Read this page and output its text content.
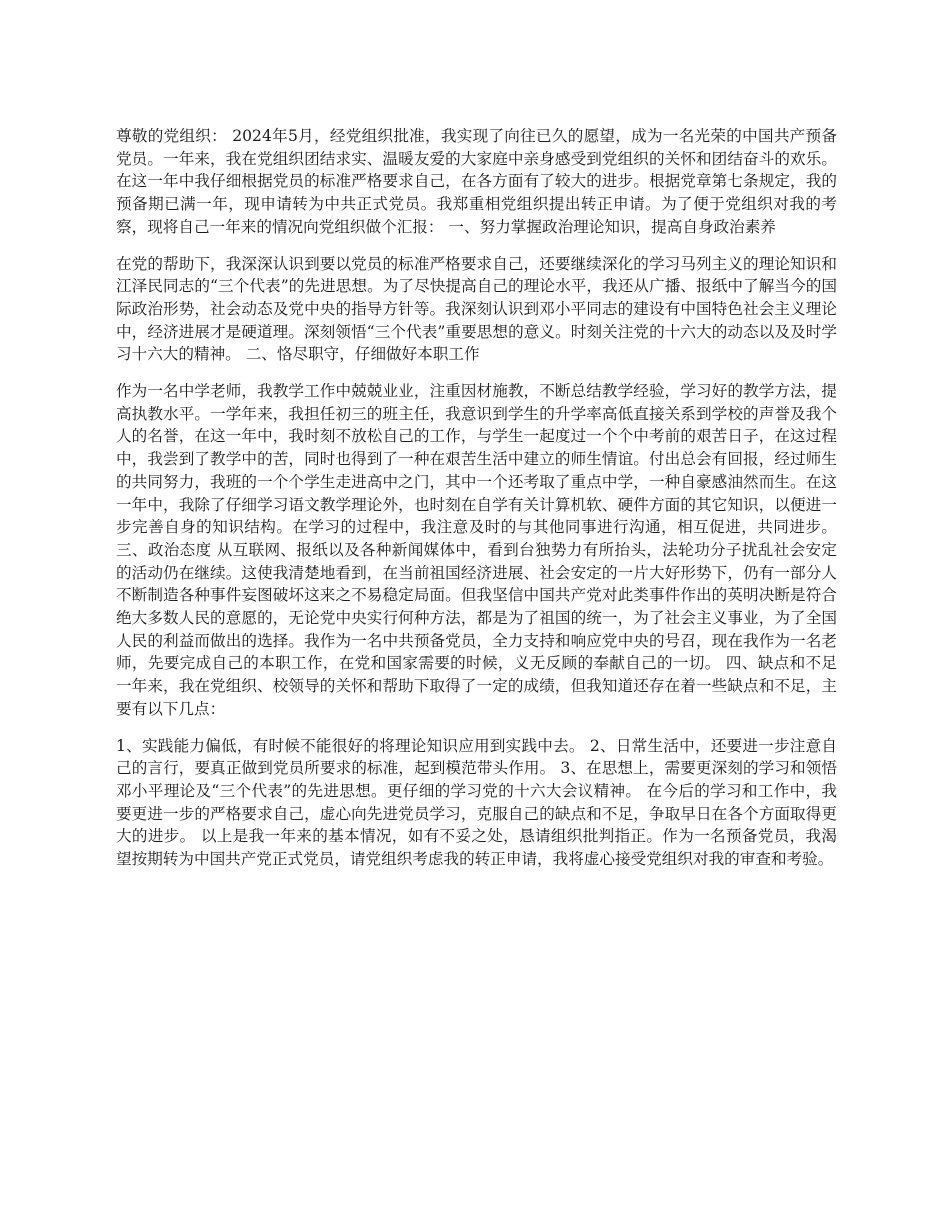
尊敬的党组织： 2024年5月，经党组织批准，我实现了向往已久的愿望，成为一名光荣的中国共产预备党员。一年来，我在党组织团结求实、温暖友爱的大家庭中亲身感受到党组织的关怀和团结奋斗的欢乐。在这一年中我仔细根据党员的标准严格要求自己，在各方面有了较大的进步。根据党章第七条规定，我的预备期已满一年，现申请转为中共正式党员。我郑重相党组织提出转正申请。为了便于党组织对我的考察，现将自己一年来的情况向党组织做个汇报： 一、努力掌握政治理论知识，提高自身政治素养

在党的帮助下，我深深认识到要以党员的标准严格要求自己，还要继续深化的学习马列主义的理论知识和江泽民同志的“三个代表”的先进思想。为了尽快提高自己的理论水平，我还从广播、报纸中了解当今的国际政治形势，社会动态及党中央的指导方针等。我深刻认识到邓小平同志的建设有中国特色社会主义理论中，经济进展才是硬道理。深刻领悟“三个代表”重要思想的意义。时刻关注党的十六大的动态以及及时学习十六大的精神。 二、恪尽职守，仔细做好本职工作

作为一名中学老师，我教学工作中兢兢业业，注重因材施教，不断总结教学经验，学习好的教学方法，提高执教水平。一学年来，我担任初三的班主任，我意识到学生的升学率高低直接关系到学校的声誉及我个人的名誉，在这一年中，我时刻不放松自己的工作，与学生一起度过一个个中考前的艰苦日子，在这过程中，我尝到了教学中的苦，同时也得到了一种在艰苦生活中建立的师生情谊。付出总会有回报，经过师生的共同努力，我班的一个个学生走进高中之门，其中一个还考取了重点中学，一种自豪感油然而生。在这一年中，我除了仔细学习语文教学理论外，也时刻在自学有关计算机软、硬件方面的其它知识，以便进一步完善自身的知识结构。在学习的过程中，我注意及时的与其他同事进行沟通，相互促进，共同进步。 三、政治态度 从互联网、报纸以及各种新闻媒体中，看到台独势力有所抬头，法轮功分子扰乱社会安定的活动仍在继续。这使我清楚地看到，在当前祖国经济进展、社会安定的一片大好形势下，仍有一部分人不断制造各种事件妄图破坏这来之不易稳定局面。但我坚信中国共产党对此类事件作出的英明决断是符合绝大多数人民的意愿的，无论党中央实行何种方法，都是为了祖国的统一，为了社会主义事业，为了全国人民的利益而做出的选择。我作为一名中共预备党员，全力支持和响应党中央的号召，现在我作为一名老师，先要完成自己的本职工作，在党和国家需要的时候，义无反顾的奉献自己的一切。 四、缺点和不足 一年来，我在党组织、校领导的关怀和帮助下取得了一定的成绩，但我知道还存在着一些缺点和不足，主要有以下几点：

1、实践能力偏低，有时候不能很好的将理论知识应用到实践中去。 2、日常生活中，还要进一步注意自己的言行，要真正做到党员所要求的标准，起到模范带头作用。 3、在思想上，需要更深刻的学习和领悟邓小平理论及“三个代表”的先进思想。更仔细的学习党的十六大会议精神。 在今后的学习和工作中，我要更进一步的严格要求自己，虚心向先进党员学习，克服自己的缺点和不足，争取早日在各个方面取得更大的进步。 以上是我一年来的基本情况，如有不妥之处，恳请组织批判指正。作为一名预备党员，我渴望按期转为中国共产党正式党员，请党组织考虑我的转正申请，我将虚心接受党组织对我的审查和考验。
